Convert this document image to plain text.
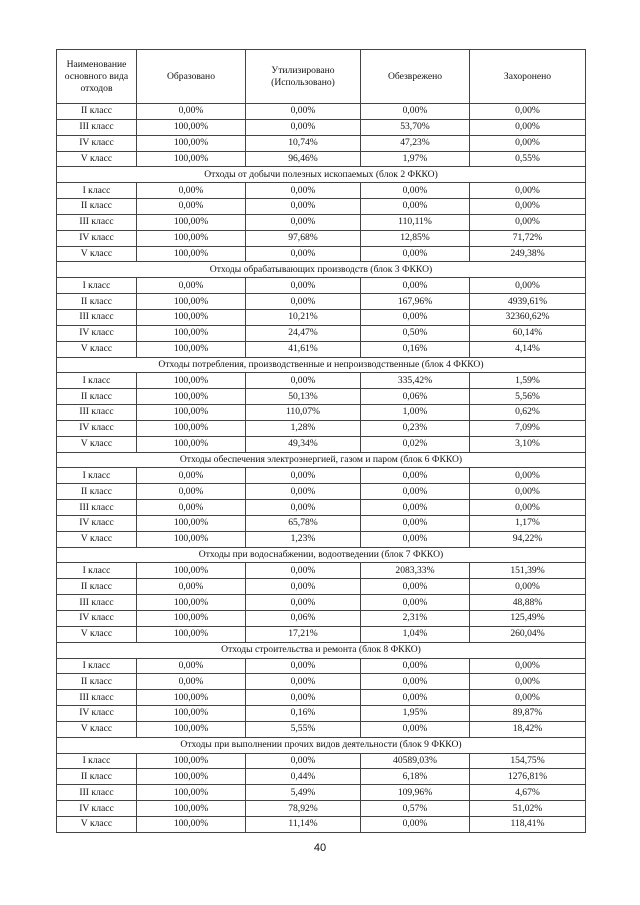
Наименование основного вида отходов	Образовано	Утилизировано (Использовано)	Обезврежено	Захоронено
II класс	0,00%	0,00%	0,00%	0,00%
III класс	100,00%	0,00%	53,70%	0,00%
IV класс	100,00%	10,74%	47,23%	0,00%
V класс	100,00%	96,46%	1,97%	0,55%
Отходы от добычи полезных ископаемых (блок 2 ФККО)				
I класс	0,00%	0,00%	0,00%	0,00%
II класс	0,00%	0,00%	0,00%	0,00%
III класс	100,00%	0,00%	110,11%	0,00%
IV класс	100,00%	97,68%	12,85%	71,72%
V класс	100,00%	0,00%	0,00%	249,38%
Отходы обрабатывающих производств (блок 3 ФККО)				
I класс	0,00%	0,00%	0,00%	0,00%
II класс	100,00%	0,00%	167,96%	4939,61%
III класс	100,00%	10,21%	0,00%	32360,62%
IV класс	100,00%	24,47%	0,50%	60,14%
V класс	100,00%	41,61%	0,16%	4,14%
Отходы потребления, производственные и непроизводственные (блок 4 ФККО)				
I класс	100,00%	0,00%	335,42%	1,59%
II класс	100,00%	50,13%	0,06%	5,56%
III класс	100,00%	110,07%	1,00%	0,62%
IV класс	100,00%	1,28%	0,23%	7,09%
V класс	100,00%	49,34%	0,02%	3,10%
Отходы обеспечения электроэнергией, газом и паром (блок 6 ФККО)				
I класс	0,00%	0,00%	0,00%	0,00%
II класс	0,00%	0,00%	0,00%	0,00%
III класс	0,00%	0,00%	0,00%	0,00%
IV класс	100,00%	65,78%	0,00%	1,17%
V класс	100,00%	1,23%	0,00%	94,22%
Отходы при водоснабжении, водоотведении (блок 7 ФККО)				
I класс	100,00%	0,00%	2083,33%	151,39%
II класс	0,00%	0,00%	0,00%	0,00%
III класс	100,00%	0,00%	0,00%	48,88%
IV класс	100,00%	0,06%	2,31%	125,49%
V класс	100,00%	17,21%	1,04%	260,04%
Отходы строительства и ремонта (блок 8 ФККО)				
I класс	0,00%	0,00%	0,00%	0,00%
II класс	0,00%	0,00%	0,00%	0,00%
III класс	100,00%	0,00%	0,00%	0,00%
IV класс	100,00%	0,16%	1,95%	89,87%
V класс	100,00%	5,55%	0,00%	18,42%
Отходы при выполнении прочих видов деятельности (блок 9 ФККО)				
I класс	100,00%	0,00%	40589,03%	154,75%
II класс	100,00%	0,44%	6,18%	1276,81%
III класс	100,00%	5,49%	109,96%	4,67%
IV класс	100,00%	78,92%	0,57%	51,02%
V класс	100,00%	11,14%	0,00%	118,41%
40
